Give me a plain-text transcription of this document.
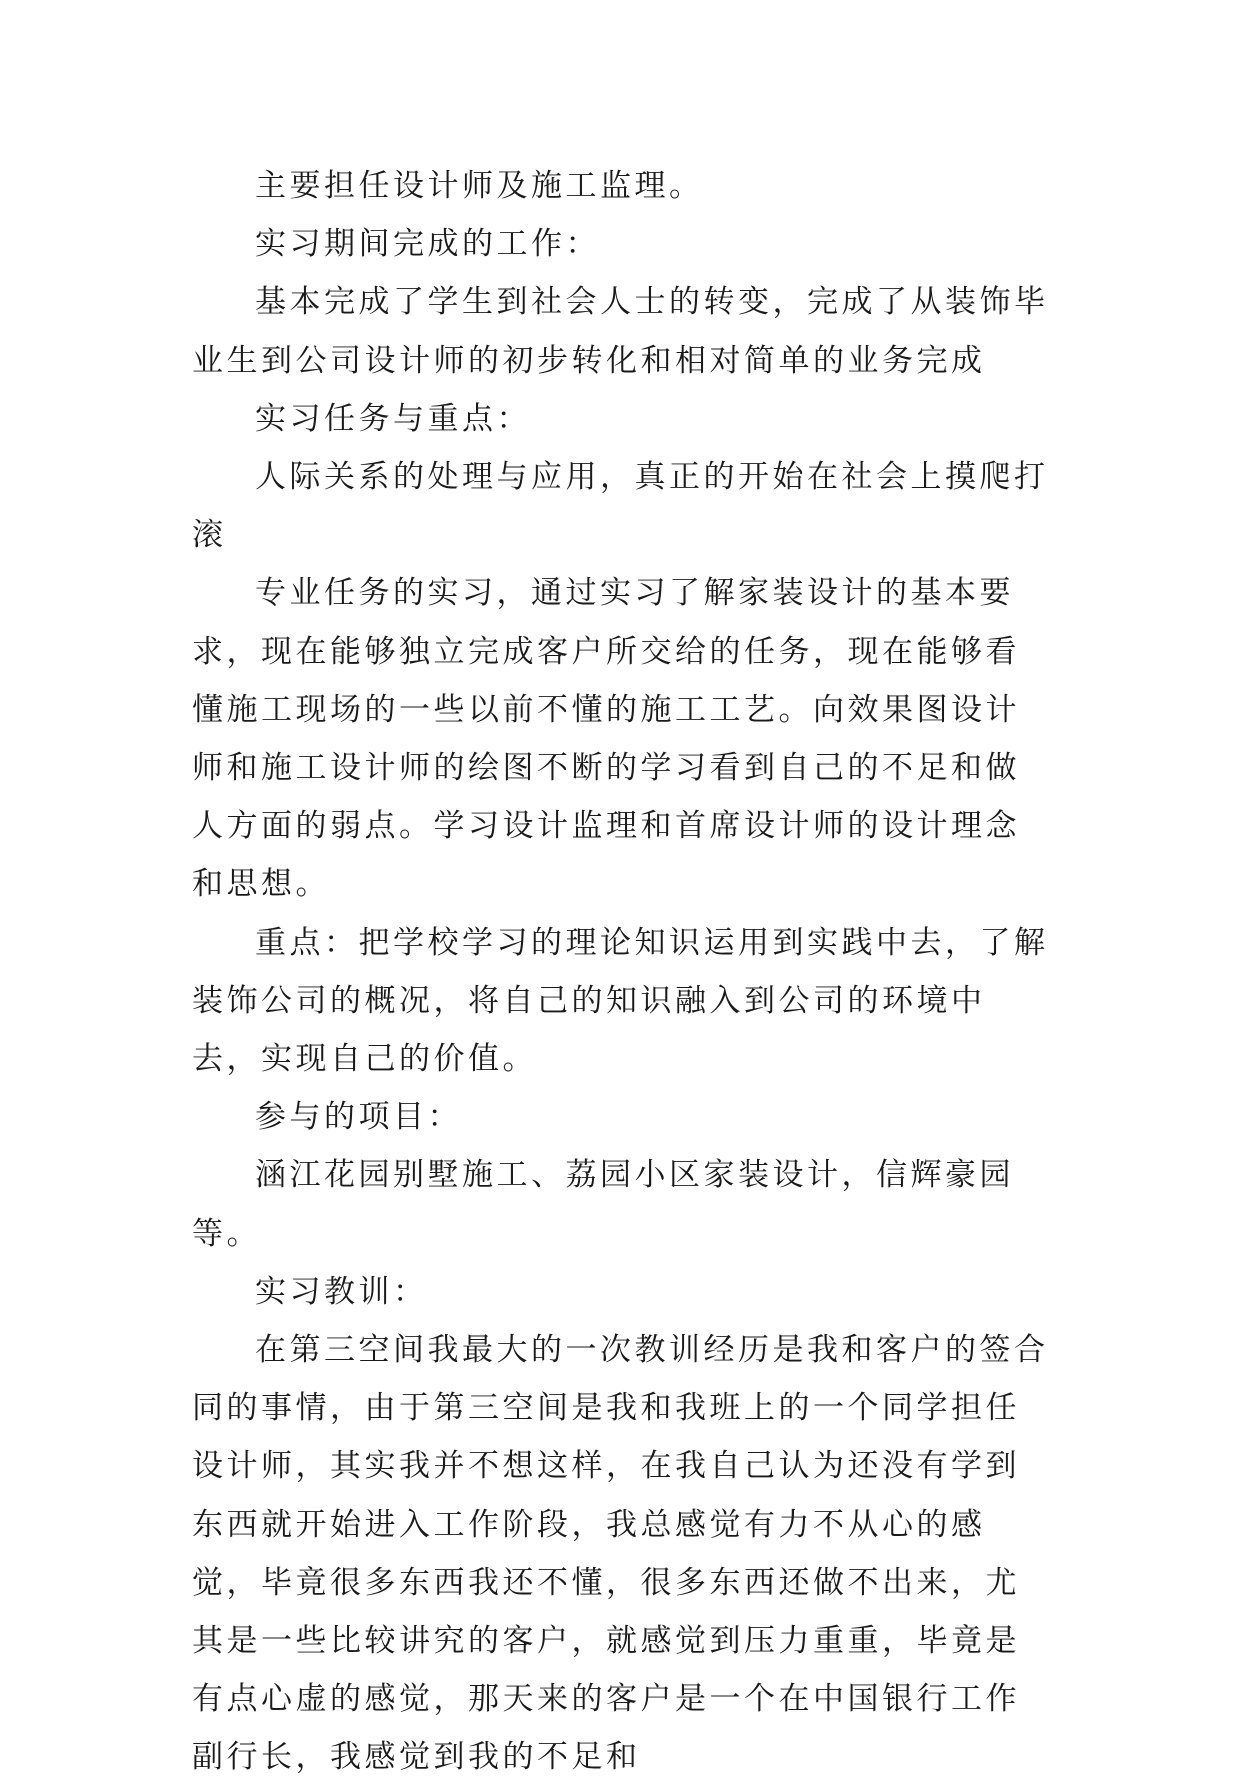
主要担任设计师及施工监理。

实习期间完成的工作：

基本完成了学生到社会人士的转变，完成了从装饰毕业生到公司设计师的初步转化和相对简单的业务完成

实习任务与重点：

人际关系的处理与应用，真正的开始在社会上摸爬打滚

专业任务的实习，通过实习了解家装设计的基本要求，现在能够独立完成客户所交给的任务，现在能够看懂施工现场的一些以前不懂的施工工艺。向效果图设计师和施工设计师的绘图不断的学习看到自己的不足和做人方面的弱点。学习设计监理和首席设计师的设计理念和思想。

重点：把学校学习的理论知识运用到实践中去，了解装饰公司的概况，将自己的知识融入到公司的环境中去，实现自己的价值。

参与的项目：

涵江花园别墅施工、荔园小区家装设计，信辉豪园等。

实习教训：

在第三空间我最大的一次教训经历是我和客户的签合同的事情，由于第三空间是我和我班上的一个同学担任设计师，其实我并不想这样，在我自己认为还没有学到东西就开始进入工作阶段，我总感觉有力不从心的感觉，毕竟很多东西我还不懂，很多东西还做不出来，尤其是一些比较讲究的客户，就感觉到压力重重，毕竟是有点心虚的感觉，那天来的客户是一个在中国银行工作副行长，我感觉到我的不足和
